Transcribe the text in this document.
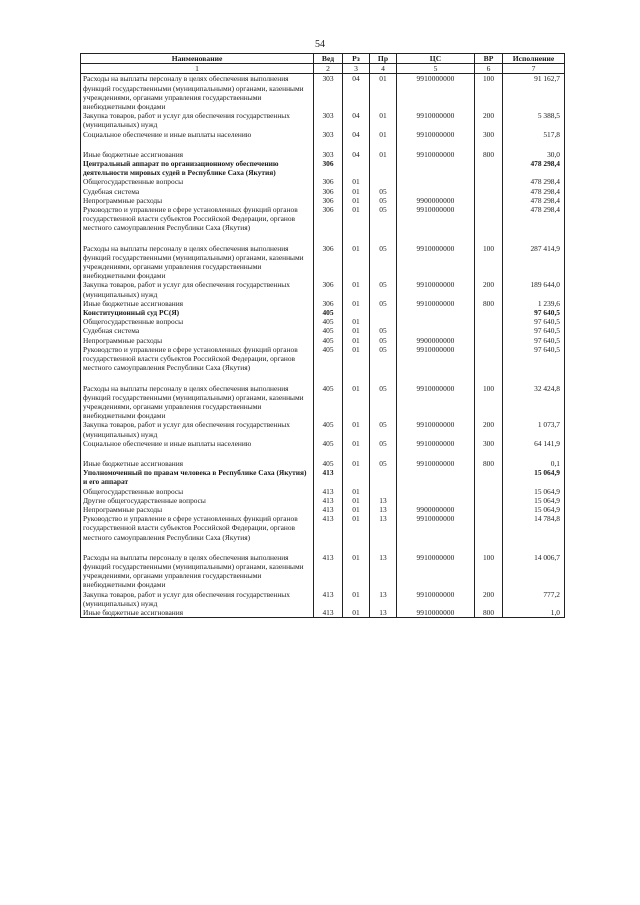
54
Наименование	Вед	Рз	Пр	ЦС	ВР	Исполнение
1	2	3	4	5	6	7
Расходы на выплаты персоналу в целях обеспечения выполнения функций государственными (муниципальными) органами, казенными учреждениями, органами управления государственными внебюджетными фондами	303	04	01	9910000000	100	91 162,7
Закупка товаров, работ и услуг для обеспечения государственных (муниципальных) нужд	303	04	01	9910000000	200	5 388,5
Социальное обеспечение и иные выплаты населению	303	04	01	9910000000	300	517,8

Иные бюджетные ассигнования	303	04	01	9910000000	800	30,0
Центральный аппарат по организационному обеспечению деятельности мировых судей в Республике Саха (Якутия)	306					478 298,4
Общегосударственные вопросы	306	01				478 298,4
Судебная система	306	01	05			478 298,4
Непрограммные расходы	306	01	05	9900000000		478 298,4
Руководство и управление в сфере установленных функций органов государственной власти субъектов Российской Федерации, органов местного самоуправления Республики Саха (Якутия)	306	01	05	9910000000		478 298,4

Расходы на выплаты персоналу в целях обеспечения выполнения функций государственными (муниципальными) органами, казенными учреждениями, органами управления государственными внебюджетными фондами	306	01	05	9910000000	100	287 414,9
Закупка товаров, работ и услуг для обеспечения государственных (муниципальных) нужд	306	01	05	9910000000	200	189 644,0
Иные бюджетные ассигнования	306	01	05	9910000000	800	1 239,6
Конституционный суд РС(Я)	405					97 640,5
Общегосударственные вопросы	405	01				97 640,5
Судебная система	405	01	05			97 640,5
Непрограммные расходы	405	01	05	9900000000		97 640,5
Руководство и управление в сфере установленных функций органов государственной власти субъектов Российской Федерации, органов местного самоуправления Республики Саха (Якутия)	405	01	05	9910000000		97 640,5

Расходы на выплаты персоналу в целях обеспечения выполнения функций государственными (муниципальными) органами, казенными учреждениями, органами управления государственными внебюджетными фондами	405	01	05	9910000000	100	32 424,8
Закупка товаров, работ и услуг для обеспечения государственных (муниципальных) нужд	405	01	05	9910000000	200	1 073,7
Социальное обеспечение и иные выплаты населению	405	01	05	9910000000	300	64 141,9

Иные бюджетные ассигнования	405	01	05	9910000000	800	0,1
Уполномоченный по правам человека в Республике Саха (Якутия) и его аппарат	413					15 064,9
Общегосударственные вопросы	413	01				15 064,9
Другие общегосударственные вопросы	413	01	13			15 064,9
Непрограммные расходы	413	01	13	9900000000		15 064,9
Руководство и управление в сфере установленных функций органов государственной власти субъектов Российской Федерации, органов местного самоуправления Республики Саха (Якутия)	413	01	13	9910000000		14 784,8

Расходы на выплаты персоналу в целях обеспечения выполнения функций государственными (муниципальными) органами, казенными учреждениями, органами управления государственными внебюджетными фондами	413	01	13	9910000000	100	14 006,7
Закупка товаров, работ и услуг для обеспечения государственных (муниципальных) нужд	413	01	13	9910000000	200	777,2
Иные бюджетные ассигнования	413	01	13	9910000000	800	1,0
